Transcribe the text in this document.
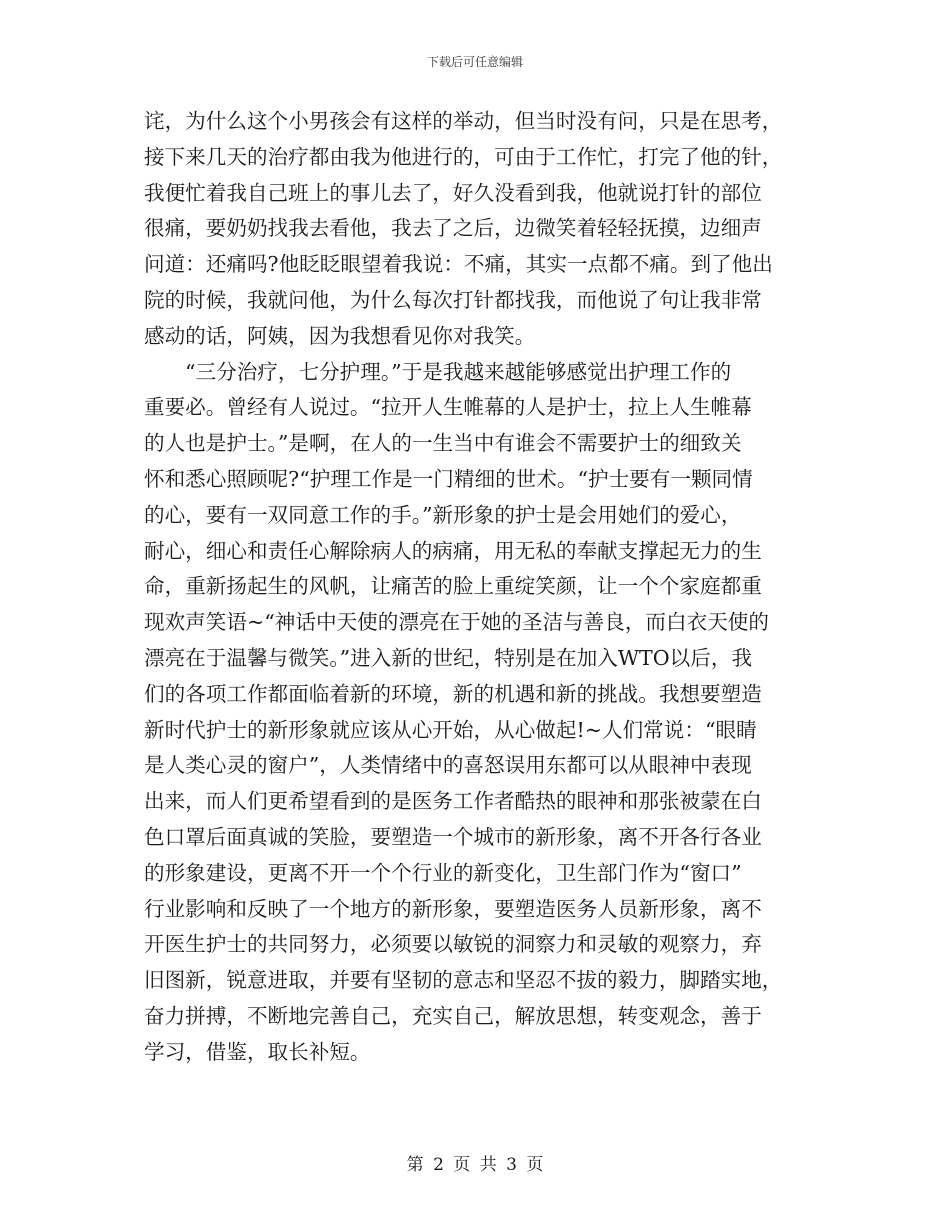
下载后可任意编辑
诧，为什么这个小男孩会有这样的举动，但当时没有问，只是在思考，
接下来几天的治疗都由我为他进行的，可由于工作忙，打完了他的针，
我便忙着我自己班上的事儿去了，好久没看到我，他就说打针的部位
很痛，要奶奶找我去看他，我去了之后，边微笑着轻轻抚摸，边细声
问道：还痛吗?他眨眨眼望着我说：不痛，其实一点都不痛。到了他出
院的时候，我就问他，为什么每次打针都找我，而他说了句让我非常
感动的话，阿姨，因为我想看见你对我笑。
“三分治疗，七分护理。”于是我越来越能够感觉出护理工作的
重要必。曾经有人说过。“拉开人生帷幕的人是护士，拉上人生帷幕
的人也是护士。”是啊，在人的一生当中有谁会不需要护士的细致关
怀和悉心照顾呢?“护理工作是一门精细的世术。“护士要有一颗同情
的心，要有一双同意工作的手。”新形象的护士是会用她们的爱心，
耐心，细心和责任心解除病人的病痛，用无私的奉献支撑起无力的生
命，重新扬起生的风帆，让痛苦的脸上重绽笑颜，让一个个家庭都重
现欢声笑语~“神话中天使的漂亮在于她的圣洁与善良，而白衣天使的
漂亮在于温馨与微笑。”进入新的世纪，特别是在加入WTO以后，我
们的各项工作都面临着新的环境，新的机遇和新的挑战。我想要塑造
新时代护士的新形象就应该从心开始，从心做起!~人们常说：“眼睛
是人类心灵的窗户”，人类情绪中的喜怒误用东都可以从眼神中表现
出来，而人们更希望看到的是医务工作者酷热的眼神和那张被蒙在白
色口罩后面真诚的笑脸，要塑造一个城市的新形象，离不开各行各业
的形象建设，更离不开一个个行业的新变化，卫生部门作为“窗口”
行业影响和反映了一个地方的新形象，要塑造医务人员新形象，离不
开医生护士的共同努力，必须要以敏锐的洞察力和灵敏的观察力，弃
旧图新，锐意进取，并要有坚韧的意志和坚忍不拔的毅力，脚踏实地，
奋力拼搏，不断地完善自己，充实自己，解放思想，转变观念，善于
学习，借鉴，取长补短。
第 2 页 共 3 页
